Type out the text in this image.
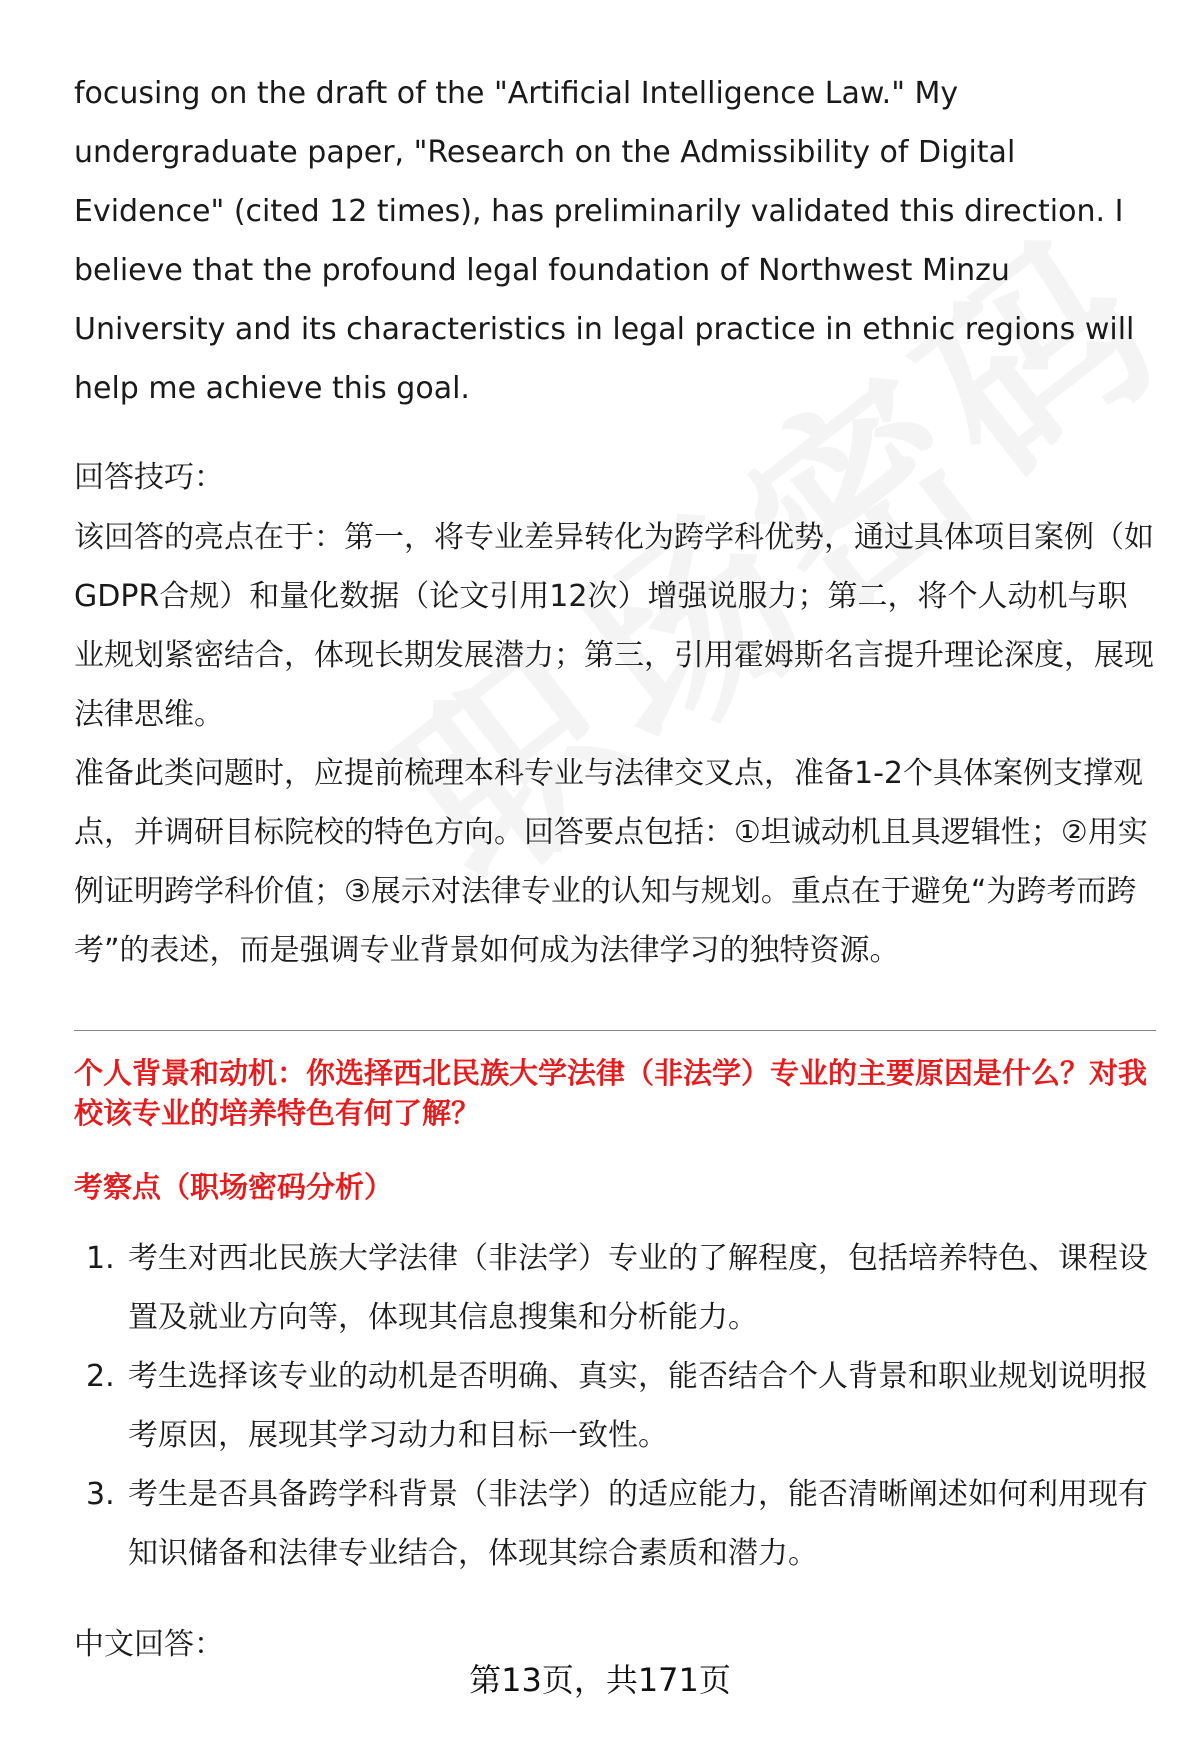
focusing on the draft of the "Artificial Intelligence Law." My undergraduate paper, "Research on the Admissibility of Digital Evidence" (cited 12 times), has preliminarily validated this direction. I believe that the profound legal foundation of Northwest Minzu University and its characteristics in legal practice in ethnic regions will help me achieve this goal.

回答技巧：

该回答的亮点在于：第一，将专业差异转化为跨学科优势，通过具体项目案例（如GDPR合规）和量化数据（论文引用12次）增强说服力；第二，将个人动机与职业规划紧密结合，体现长期发展潜力；第三，引用霍姆斯名言提升理论深度，展现法律思维。

准备此类问题时，应提前梳理本科专业与法律交叉点，准备1-2个具体案例支撑观点，并调研目标院校的特色方向。回答要点包括：①坦诚动机且具逻辑性；②用实例证明跨学科价值；③展示对法律专业的认知与规划。重点在于避免“为跨考而跨考”的表述，而是强调专业背景如何成为法律学习的独特资源。

个人背景和动机：你选择西北民族大学法律（非法学）专业的主要原因是什么？对我校该专业的培养特色有何了解？

考察点（职场密码分析）
1. 考生对西北民族大学法律（非法学）专业的了解程度，包括培养特色、课程设置及就业方向等，体现其信息搜集和分析能力。
2. 考生选择该专业的动机是否明确、真实，能否结合个人背景和职业规划说明报考原因，展现其学习动力和目标一致性。
3. 考生是否具备跨学科背景（非法学）的适应能力，能否清晰阐述如何利用现有知识储备和法律专业结合，体现其综合素质和潜力。
中文回答：
第13页，共171页
